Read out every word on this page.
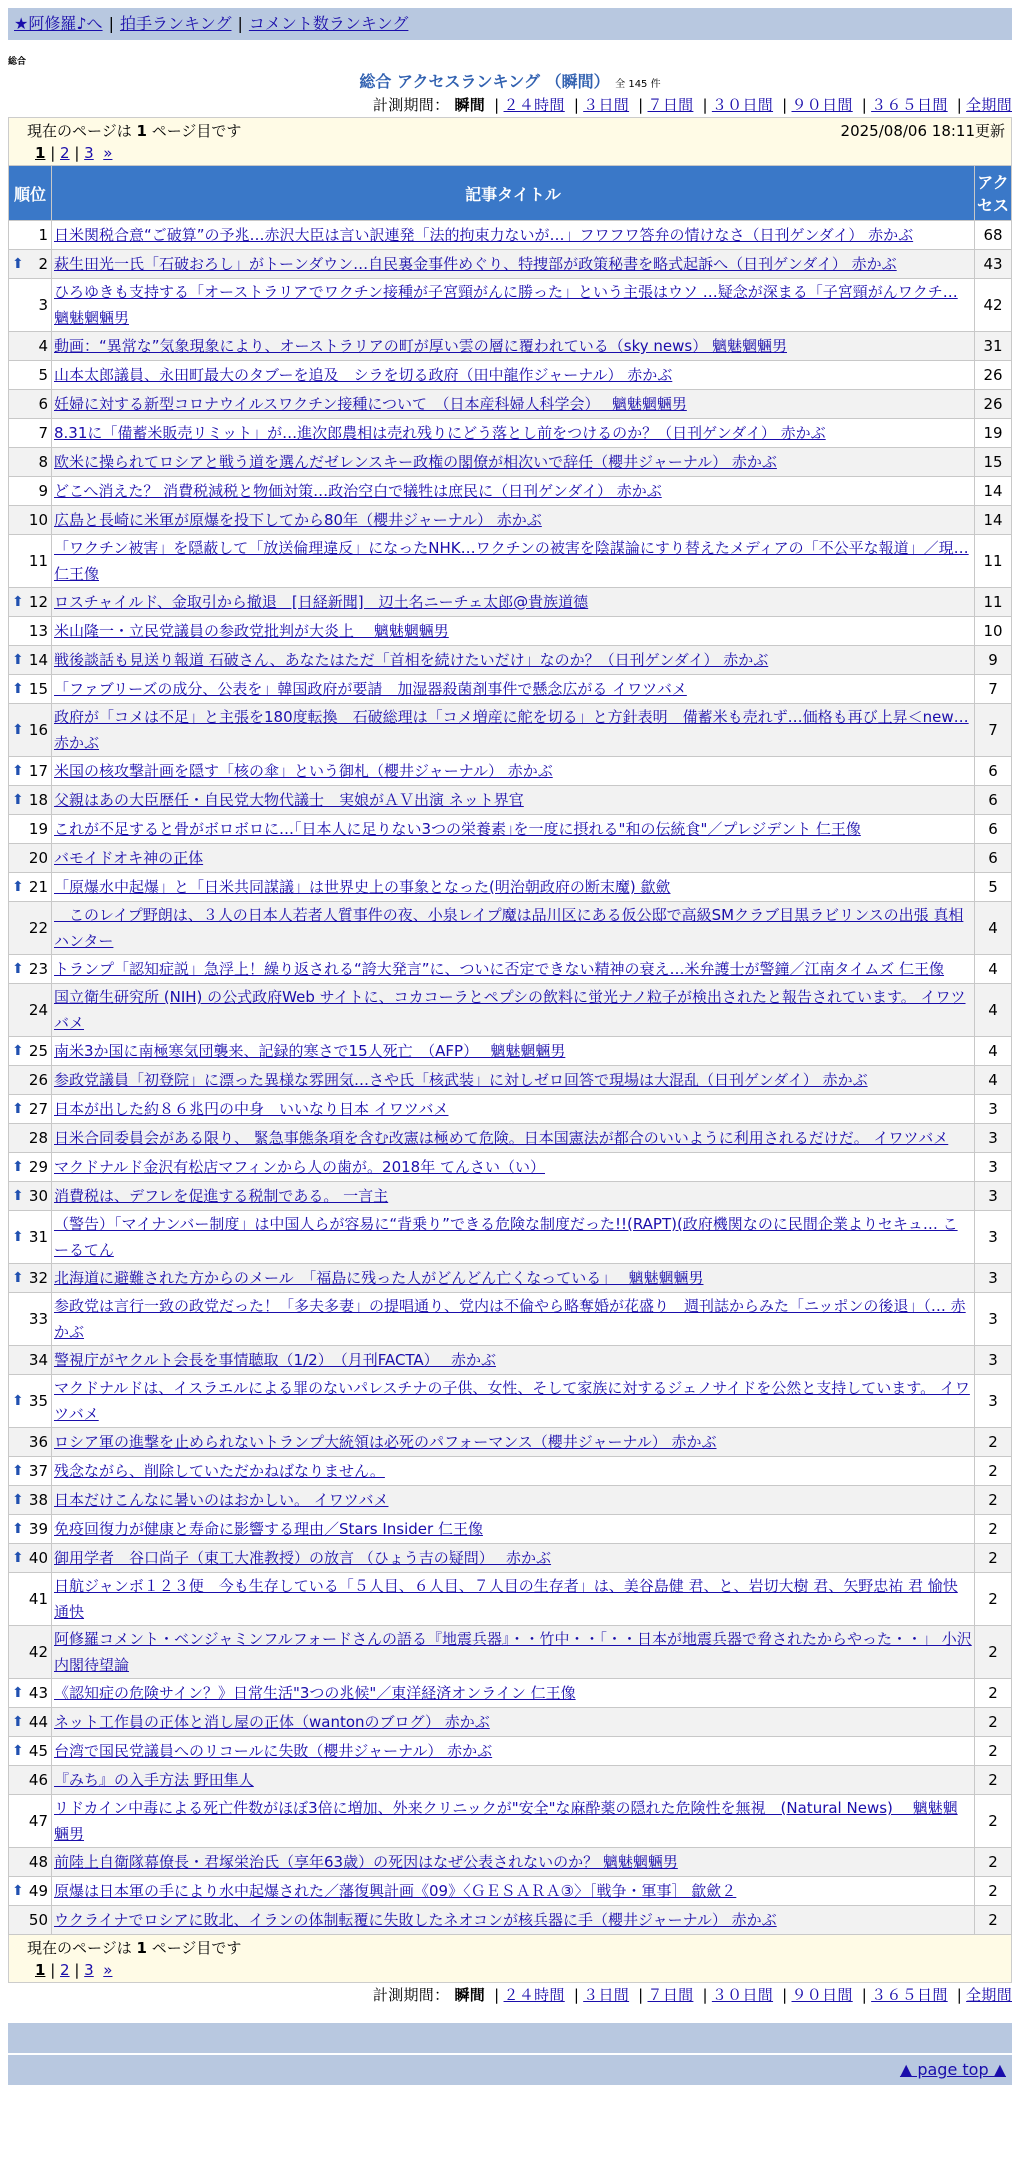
★阿修羅♪へ | 拍手ランキング | コメント数ランキング
総合
総合 アクセスランキング （瞬間） 全 145 件
計測期間： 瞬間 | ２４時間 | ３日間 | ７日間 | ３０日間 | ９０日間 | ３６５日間 | 全期間
現在のページは 1 ページ目です	2025/08/06 18:11更新
1 | 2 | 3 »
順位	記事タイトル	アクセス
1	日米関税合意“ご破算”の予兆…赤沢大臣は言い訳連発「法的拘束力ないが…」フワフワ答弁の情けなさ（日刊ゲンダイ） 赤かぶ	68

⬆ 2	萩生田光一氏「石破おろし」がトーンダウン…自民裏金事件めぐり、特捜部が政策秘書を略式起訴へ（日刊ゲンダイ） 赤かぶ	43
3	ひろゆきも支持する「オーストラリアでワクチン接種が子宮頸がんに勝った」という主張はウソ …疑念が深まる「子宮頸がんワクチ… 魑魅魍魎男	42
4	動画：“異常な”気象現象により、オーストラリアの町が厚い雲の層に覆われている（sky news） 魑魅魍魎男	31
5	山本太郎議員、永田町最大のタブーを追及　シラを切る政府（田中龍作ジャーナル） 赤かぶ	26
6	妊婦に対する新型コロナウイルスワクチン接種について　（日本産科婦人科学会）　 魑魅魍魎男	26
7	8.31に「備蓄米販売リミット」が…進次郎農相は売れ残りにどう落とし前をつけるのか？（日刊ゲンダイ） 赤かぶ	19
8	欧米に操られてロシアと戦う道を選んだゼレンスキー政権の閣僚が相次いで辞任（櫻井ジャーナル） 赤かぶ	15
9	どこへ消えた？ 消費税減税と物価対策…政治空白で犠牲は庶民に（日刊ゲンダイ） 赤かぶ	14
10	広島と長崎に米軍が原爆を投下してから80年（櫻井ジャーナル） 赤かぶ	14
11	「ワクチン被害」を隠蔽して「放送倫理違反」になったNHK…ワクチンの被害を陰謀論にすり替えたメディアの「不公平な報道」／現… 仁王像	11

⬆ 12	ロスチャイルド、金取引から撤退　[日経新聞]　辺土名ニーチェ太郎@貴族道德	11
13	米山隆一・立民党議員の参政党批判が大炎上　 魑魅魍魎男	10

⬆ 14	戦後談話も見送り報道 石破さん、あなたはただ「首相を続けたいだけ」なのか？（日刊ゲンダイ） 赤かぶ	9

⬆ 15	「ファブリーズの成分、公表を」韓国政府が要請　加湿器殺菌剤事件で懸念広がる イワツバメ	7

⬆ 16	政府が「コメは不足」と主張を180度転換　石破総理は「コメ増産に舵を切る」と方針表明　備蓄米も売れず…価格も再び上昇＜new… 赤かぶ	7

⬆ 17	米国の核攻撃計画を隠す「核の傘」という御札（櫻井ジャーナル） 赤かぶ	6

⬆ 18	父親はあの大臣歴任・自民党大物代議士　実娘がＡＶ出演 ネット界官	6
19	これが不足すると骨がボロボロに…｢日本人に足りない3つの栄養素｣を一度に摂れる"和の伝統食"／プレジデント 仁王像	6
20	バモイドオキ神の正体	6

⬆ 21	「原爆水中起爆」と「日米共同謀議」は世界史上の事象となった(明治朝政府の断末魔) 歙歛	5
22	　このレイプ野朗は、３人の日本人若者人質事件の夜、小泉レイプ魔は品川区にある仮公邸で高級SMクラブ目黒ラビリンスの出張 真相ハンター	4

⬆ 23	トランプ「認知症説」急浮上！繰り返される“誇大発言”に、ついに否定できない精神の衰え…米弁護士が警鐘／江南タイムズ 仁王像	4
24	国立衛生研究所 (NIH) の公式政府Web サイトに、コカコーラとペプシの飲料に蛍光ナノ粒子が検出されたと報告されています。 イワツバメ	4

⬆ 25	南米3か国に南極寒気団襲来、記録的寒さで15人死亡　（AFP）　 魑魅魍魎男	4
26	参政党議員「初登院」に漂った異様な雰囲気…さや氏「核武装」に対しゼロ回答で現場は大混乱（日刊ゲンダイ） 赤かぶ	4

⬆ 27	日本が出した約８６兆円の中身　いいなり日本 イワツバメ	3
28	日米合同委員会がある限り、 緊急事態条項を含む改憲は極めて危険。日本国憲法が都合のいいように利用されるだけだ。 イワツバメ	3

⬆ 29	マクドナルド金沢有松店マフィンから人の歯が。2018年 てんさい（い）	3

⬆ 30	消費税は、デフレを促進する税制である。 一言主	3

⬆ 31	（警告）「マイナンバー制度」は中国人らが容易に“背乗り”できる危険な制度だった!!(RAPT)(政府機関なのに民間企業よりセキュ… こーるてん	3

⬆ 32	北海道に避難された方からのメール　「福島に残った人がどんどん亡くなっている」　 魑魅魍魎男	3
33	参政党は言行一致の政党だった！「多夫多妻」の提唱通り、党内は不倫やら略奪婚が花盛り　週刊誌からみた「ニッポンの後退」（… 赤かぶ	3
34	警視庁がヤクルト会長を事情聴取（1/2）　（月刊FACTA）　 赤かぶ	3

⬆ 35	マクドナルドは、イスラエルによる罪のないパレスチナの子供、女性、そして家族に対するジェノサイドを公然と支持しています。 イワツバメ	3
36	ロシア軍の進撃を止められないトランプ大統領は必死のパフォーマンス（櫻井ジャーナル） 赤かぶ	2

⬆ 37	残念ながら、削除していただかねばなりません。	2

⬆ 38	日本だけこんなに暑いのはおかしい。 イワツバメ	2

⬆ 39	免疫回復力が健康と寿命に影響する理由／Stars Insider 仁王像	2

⬆ 40	御用学者　谷口尚子（東工大准教授）の放言 （ひょう吉の疑問）　 赤かぶ	2
41	日航ジャンボ１２３便　今も生存している「５人目、６人目、７人目の生存者」は、美谷島健 君、と、岩切大樹 君、矢野忠祐 君 愉快通快	2
42	阿修羅コメント・ベンジャミンフルフォードさんの語る『地震兵器』・・竹中・・「・・日本が地震兵器で脅されたからやった・・」 小沢内閣待望論	2

⬆ 43	《認知症の危険サイン？》日常生活"3つの兆候"／東洋経済オンライン 仁王像	2

⬆ 44	ネット工作員の正体と消し屋の正体（wantonのブログ） 赤かぶ	2

⬆ 45	台湾で国民党議員へのリコールに失敗（櫻井ジャーナル） 赤かぶ	2
46	『みち』の入手方法 野田隼人	2
47	リドカイン中毒による死亡件数がほぼ3倍に増加、外来クリニックが"安全"な麻酔薬の隠れた危険性を無視　(Natural News)　 魑魅魍魎男	2
48	前陸上自衛隊幕僚長・君塚栄治氏（享年63歳）の死因はなぜ公表されないのか？ 魑魅魍魎男	2

⬆ 49	原爆は日本軍の手により水中起爆された／藩復興計画《09》〈ＧＥＳＡＲＡ③〉［戦争・軍事］ 歙歛２	2
50	ウクライナでロシアに敗北、イランの体制転覆に失敗したネオコンが核兵器に手（櫻井ジャーナル） 赤かぶ	2
現在のページは 1 ページ目です
1 | 2 | 3 »
計測期間： 瞬間 | ２４時間 | ３日間 | ７日間 | ３０日間 | ９０日間 | ３６５日間 | 全期間
▲ page top ▲
